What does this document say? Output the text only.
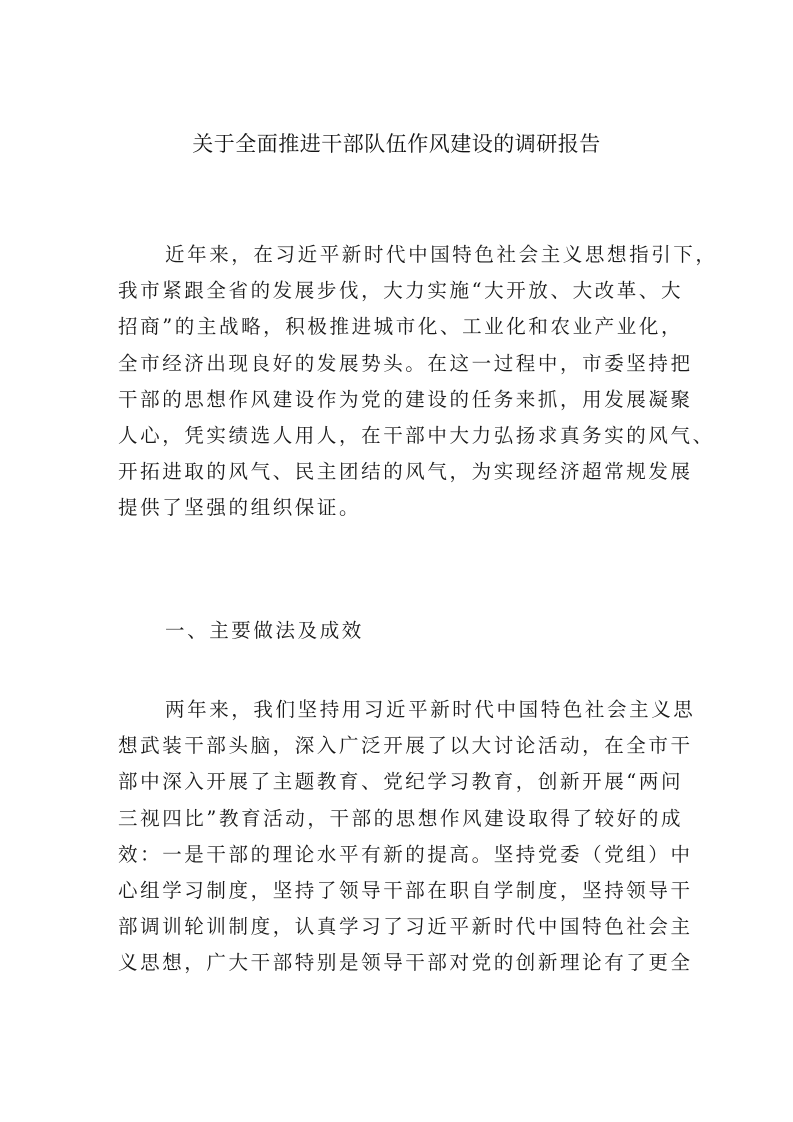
关于全面推进干部队伍作风建设的调研报告
近年来，在习近平新时代中国特色社会主义思想指引下，
我市紧跟全省的发展步伐，大力实施“大开放、大改革、大
招商”的主战略，积极推进城市化、工业化和农业产业化，
全市经济出现良好的发展势头。在这一过程中，市委坚持把
干部的思想作风建设作为党的建设的任务来抓，用发展凝聚
人心，凭实绩选人用人，在干部中大力弘扬求真务实的风气、
开拓进取的风气、民主团结的风气，为实现经济超常规发展
提供了坚强的组织保证。
一、主要做法及成效
两年来，我们坚持用习近平新时代中国特色社会主义思
想武装干部头脑，深入广泛开展了以大讨论活动，在全市干
部中深入开展了主题教育、党纪学习教育，创新开展“两问
三视四比”教育活动，干部的思想作风建设取得了较好的成
效：一是干部的理论水平有新的提高。坚持党委（党组）中
心组学习制度，坚持了领导干部在职自学制度，坚持领导干
部调训轮训制度，认真学习了习近平新时代中国特色社会主
义思想，广大干部特别是领导干部对党的创新理论有了更全
